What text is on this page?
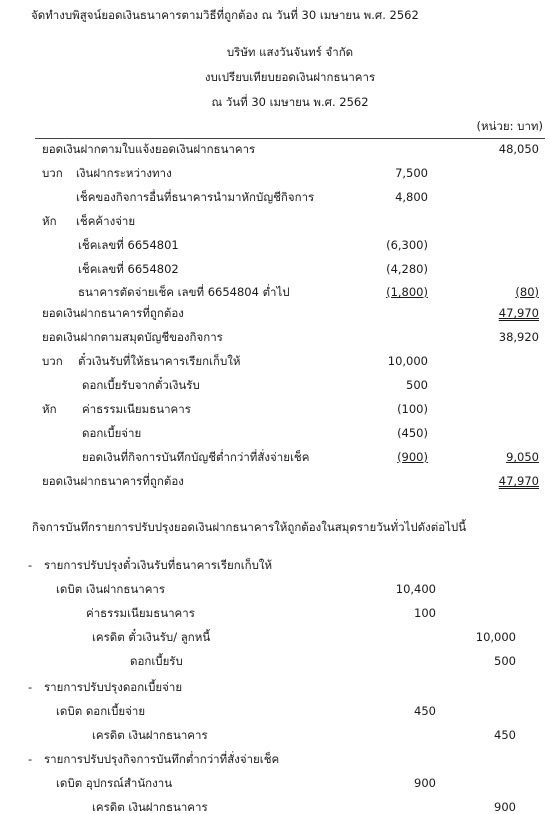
จัดทำงบพิสูจน์ยอดเงินธนาคารตามวิธีที่ถูกต้อง ณ วันที่ 30 เมษายน พ.ศ. 2562
บริษัท แสงวันจันทร์ จำกัด
งบเปรียบเทียบยอดเงินฝากธนาคาร
ณ วันที่ 30 เมษายน พ.ศ. 2562
(หน่วย: บาท)
ยอดเงินฝากตามใบแจ้งยอดเงินฝากธนาคาร	48,050
บวก เงินฝากระหว่างทาง	7,500
เช็คของกิจการอื่นที่ธนาคารนำมาหักบัญชีกิจการ	4,800
หัก เช็คค้างจ่าย
เช็คเลขที่ 6654801	(6,300)
เช็คเลขที่ 6654802	(4,280)
ธนาคารตัดจ่ายเช็ค เลขที่ 6654804 ต่ำไป	(1,800)	(80)
ยอดเงินฝากธนาคารที่ถูกต้อง	47,970
ยอดเงินฝากตามสมุดบัญชีของกิจการ	38,920
บวก ตั๋วเงินรับที่ให้ธนาคารเรียกเก็บให้	10,000
ดอกเบี้ยรับจากตั๋วเงินรับ	500
หัก ค่าธรรมเนียมธนาคาร	(100)
ดอกเบี้ยจ่าย	(450)
ยอดเงินที่กิจการบันทึกบัญชีต่ำกว่าที่สั่งจ่ายเช็ค	(900)	9,050
ยอดเงินฝากธนาคารที่ถูกต้อง	47,970
กิจการบันทึกรายการปรับปรุงยอดเงินฝากธนาคารให้ถูกต้องในสมุดรายวันทั่วไปดังต่อไปนี้
- รายการปรับปรุงตั๋วเงินรับที่ธนาคารเรียกเก็บให้
เดบิต เงินฝากธนาคาร	10,400
ค่าธรรมเนียมธนาคาร	100
เครดิต ตั๋วเงินรับ/ ลูกหนี้	10,000
ดอกเบี้ยรับ	500
- รายการปรับปรุงดอกเบี้ยจ่าย
เดบิต ดอกเบี้ยจ่าย	450
เครดิต เงินฝากธนาคาร	450
- รายการปรับปรุงกิจการบันทึกต่ำกว่าที่สั่งจ่ายเช็ค
เดบิต อุปกรณ์สำนักงาน	900
เครดิต เงินฝากธนาคาร	900
